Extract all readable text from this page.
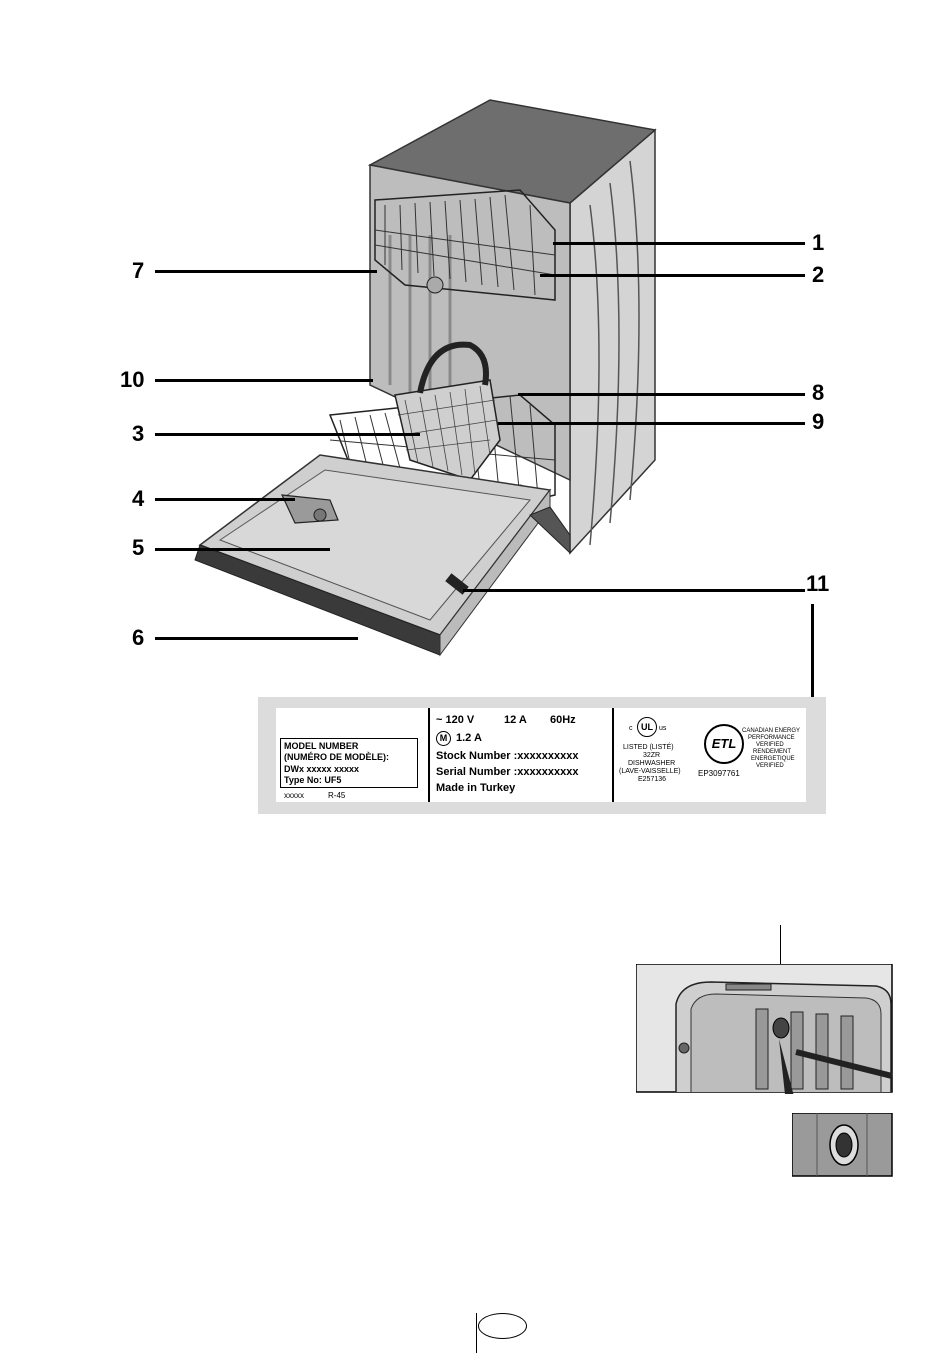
1
2
7
10
8
9
3
4
5
6
11
MODEL NUMBER
(NUMÉRO DE MODÈLE):
DWx xxxxx xxxxx
Type No: UF5
xxxxx	R-45
~ 120 V	12 A 60Hz
M 1.2 A
Stock Number :xxxxxxxxxx
Serial Number :xxxxxxxxxx
Made in Turkey
c UL us
LISTED (LISTÉ)
32ZR
DISHWASHER
(LAVE-VAISSELLE)
E257136
ETL
EP3097761
CANADIAN ENERGY
PERFORMANCE
VERIFIED
RENDEMENT
ENERGETIQUE
VERIFIED
